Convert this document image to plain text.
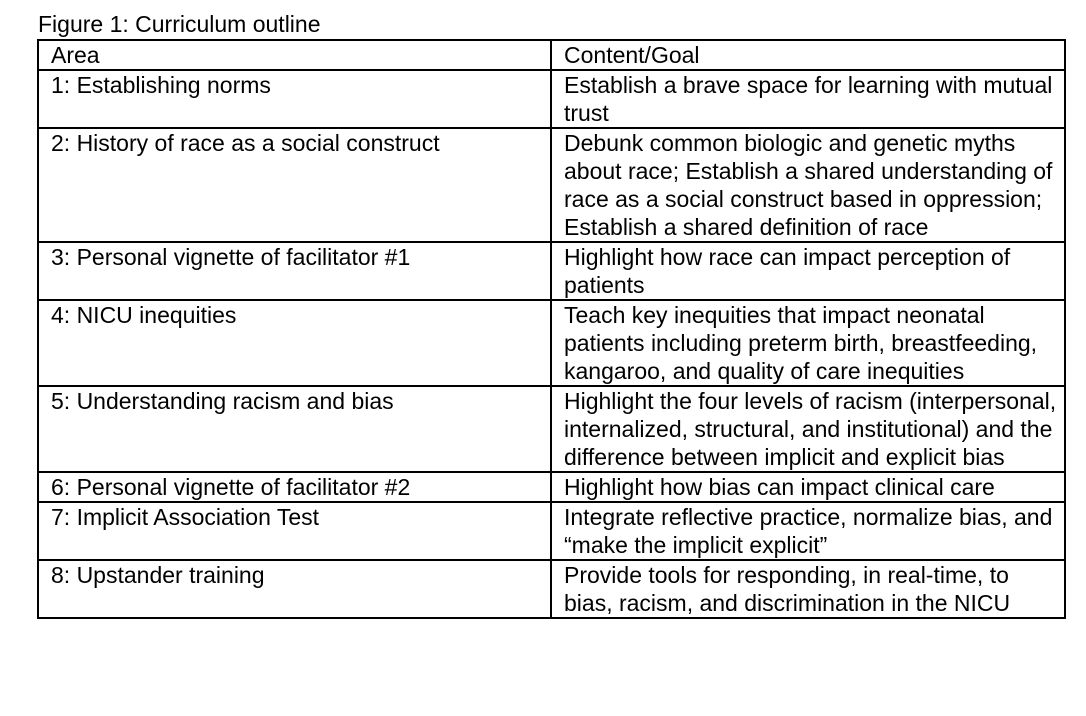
Figure 1: Curriculum outline
Area	Content/Goal
1: Establishing norms	Establish a brave space for learning with mutual trust
2: History of race as a social construct	Debunk common biologic and genetic myths about race; Establish a shared understanding of race as a social construct based in oppression; Establish a shared definition of race
3: Personal vignette of facilitator #1	Highlight how race can impact perception of patients
4: NICU inequities	Teach key inequities that impact neonatal patients including preterm birth, breastfeeding, kangaroo, and quality of care inequities
5: Understanding racism and bias	Highlight the four levels of racism (interpersonal, internalized, structural, and institutional) and the difference between implicit and explicit bias
6: Personal vignette of facilitator #2	Highlight how bias can impact clinical care
7: Implicit Association Test	Integrate reflective practice, normalize bias, and “make the implicit explicit”
8: Upstander training	Provide tools for responding, in real-time, to bias, racism, and discrimination in the NICU
